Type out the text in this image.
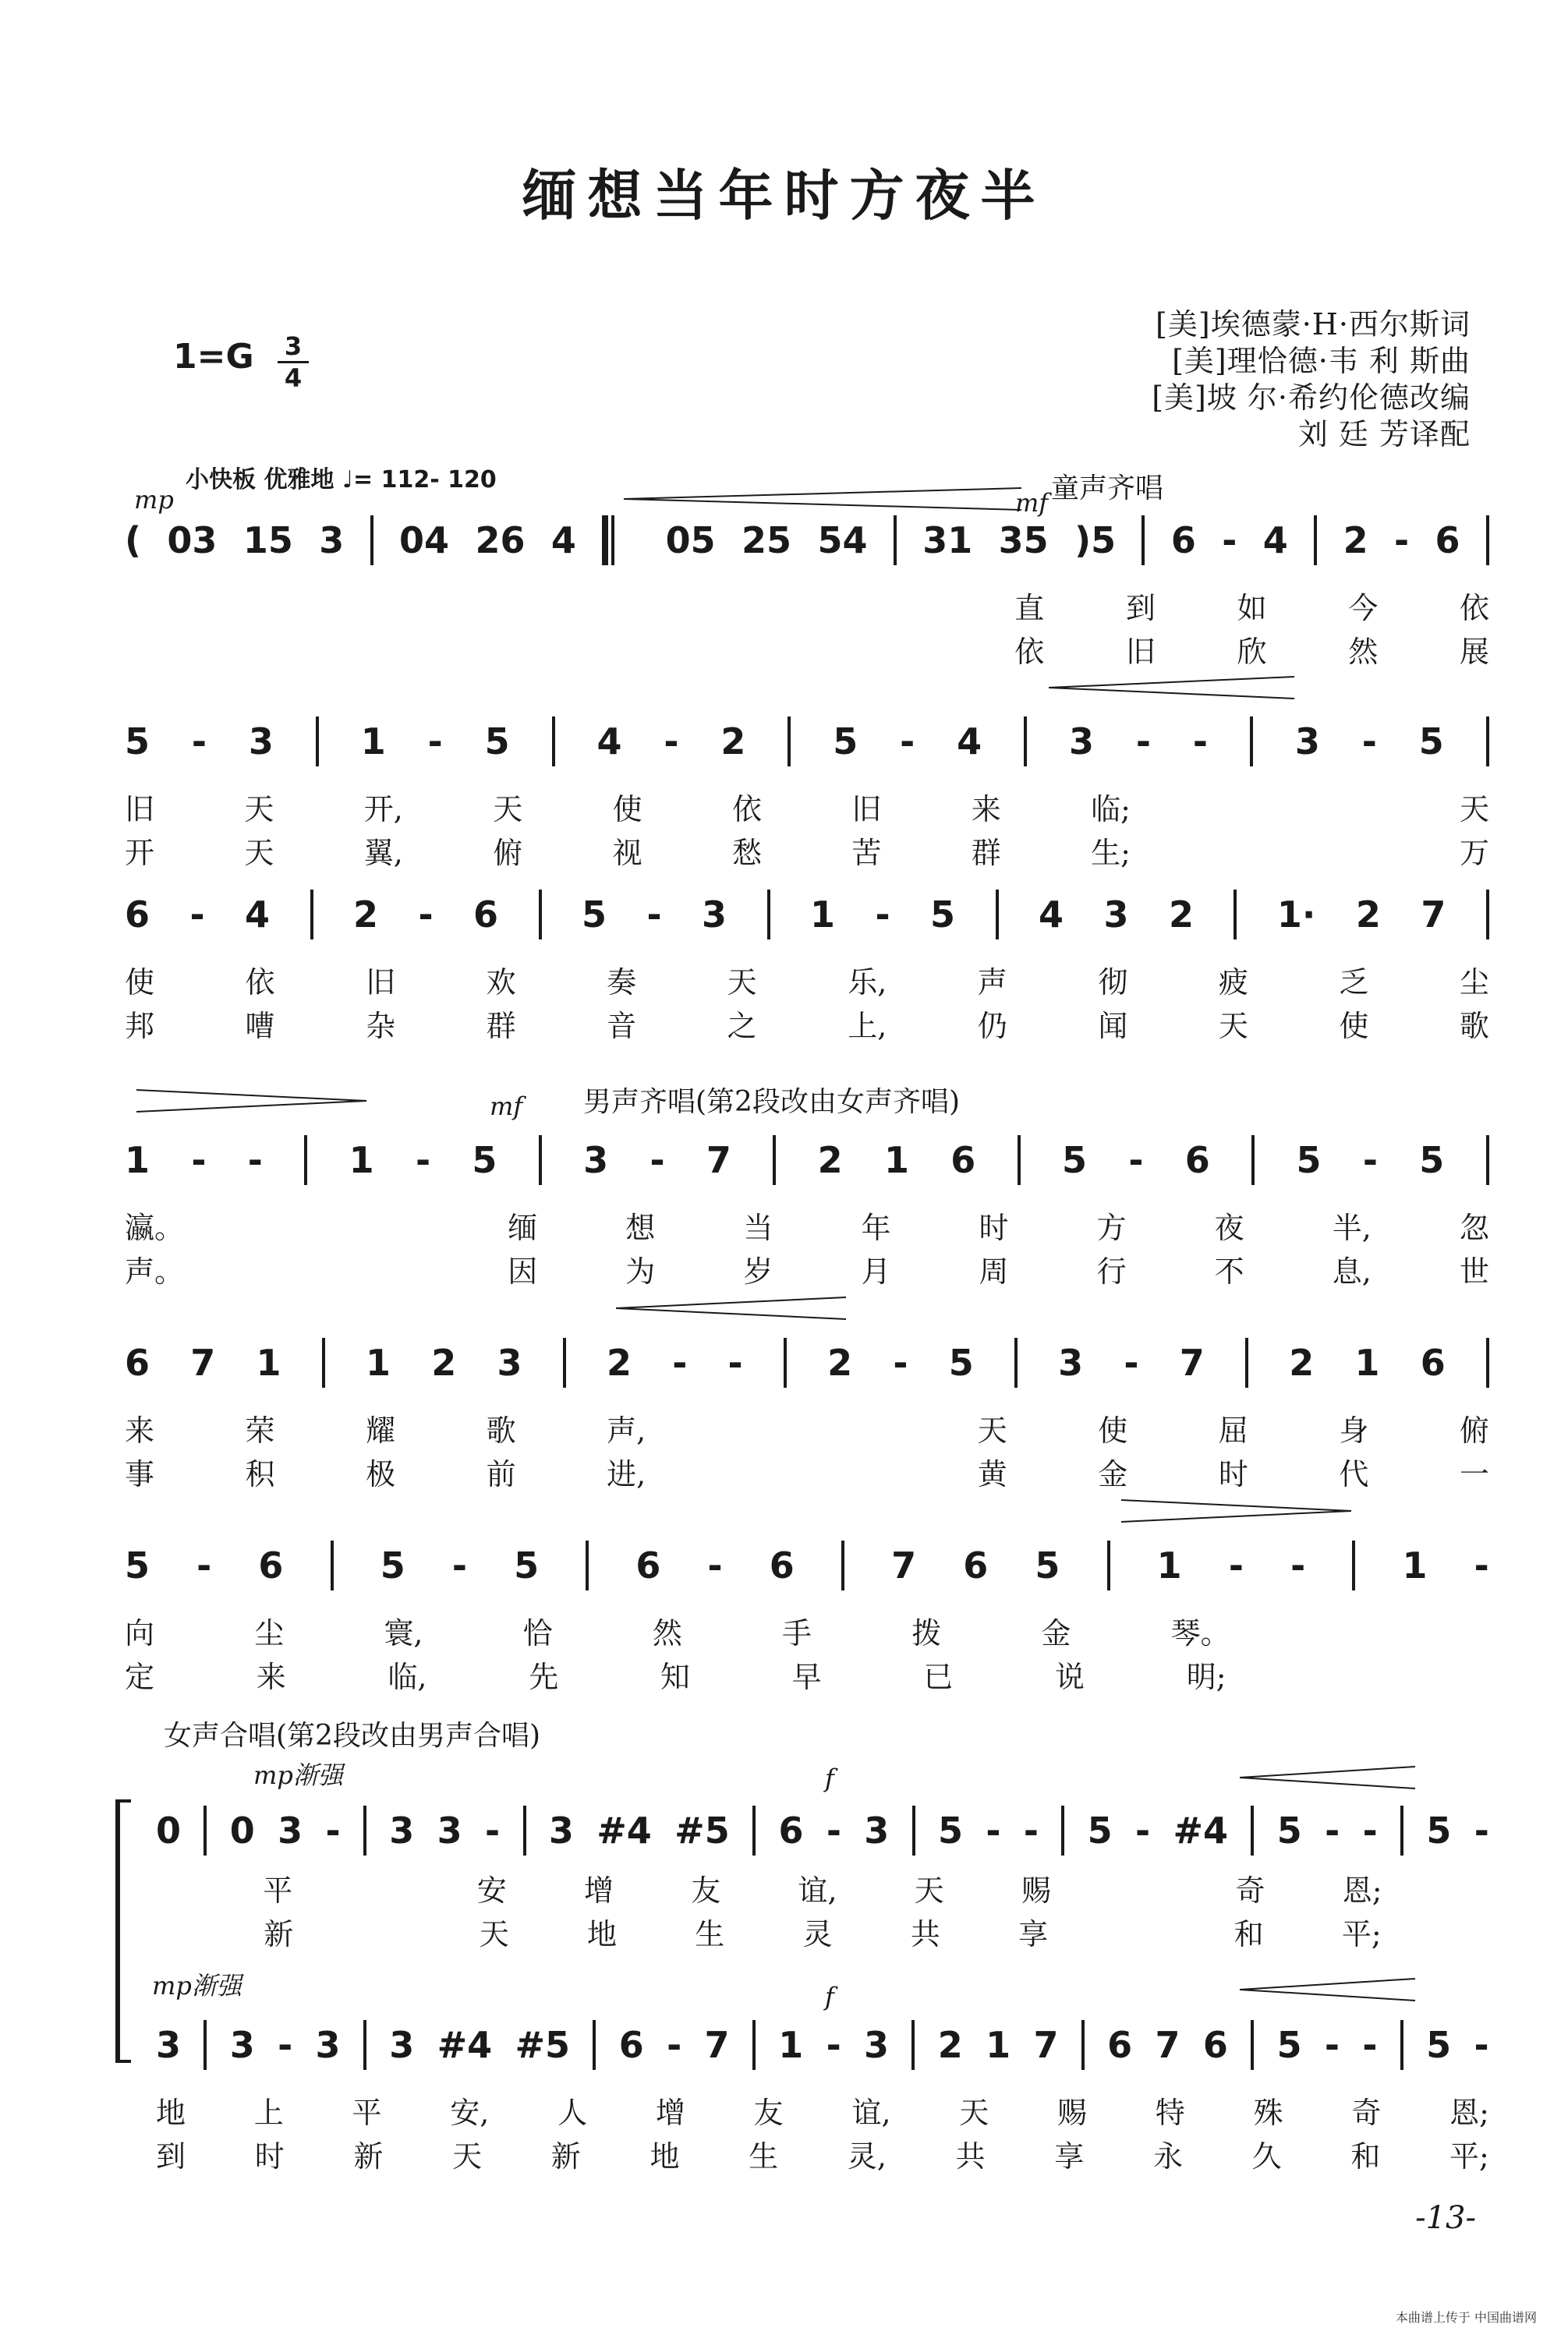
缅想当年时方夜半
1=G 3
4
[美]埃德蒙·H·西尔斯词
[美]理恰德·韦 利 斯曲
[美]坡 尔·希约伦德改编
刘 廷 芳译配
小快板 优雅地 ♩= 112- 120
mp	mf 童声齐唱
( 03 15 3 04 26 4 05 25 54 31 35 )5 6 - 4 2 - 6
直	到	如	今	依
依	旧	欣	然	展
5 - 3 1 - 5 4 - 2 5 - 4 3 - - 3 - 5
旧	天	开,	天	使	依	旧	来	临;	天
开	天	翼,	俯	视	愁	苦	群	生;	万
6 - 4 2 - 6 5 - 3 1 - 5 4 3 2 1· 2 7
使	依	旧	欢	奏	天	乐,	声	彻	疲	乏	尘
邦	嘈	杂	群	音	之	上,	仍	闻	天	使	歌
mf 男声齐唱(第2段改由女声齐唱)
1 - - 1 - 5 3 - 7 2 1 6 5 - 6 5 - 5
瀛。	缅	想	当	年	时	方	夜	半,	忽
声。	因	为	岁	月	周	行	不	息,	世
6 7 1 1 2 3 2 - - 2 - 5 3 - 7 2 1 6
来	荣	耀	歌	声,	天	使	屈	身	俯
事	积	极	前	进,	黄	金	时	代	一
5 - 6	5 - 5	6 - 6	7 6 5	1 - -	1 -
向	尘	寰,	恰	然	手	拨	金	琴。
定	来	临,	先	知	早	已	说	明;
女声合唱(第2段改由男声合唱)
mp渐强	f
0 0 3 - 3 3 - 3 #4 #5 6 - 3 5 - - 5 - #4 5 - - 5 -
平	安	增	友	谊,	天	赐	奇	恩;
新	天	地	生	灵	共	享	和	平;
mp渐强	f
3 3 - 3 3 #4 #5 6 - 7 1 - 3 2 1 7 6 7 6 5 - - 5 -
地 上 平 安, 人 增 友 谊, 天 赐 特 殊 奇 恩;
到 时 新 天 新 地 生 灵, 共 享 永 久 和 平;
-13-
本曲谱上传于 中国曲谱网
